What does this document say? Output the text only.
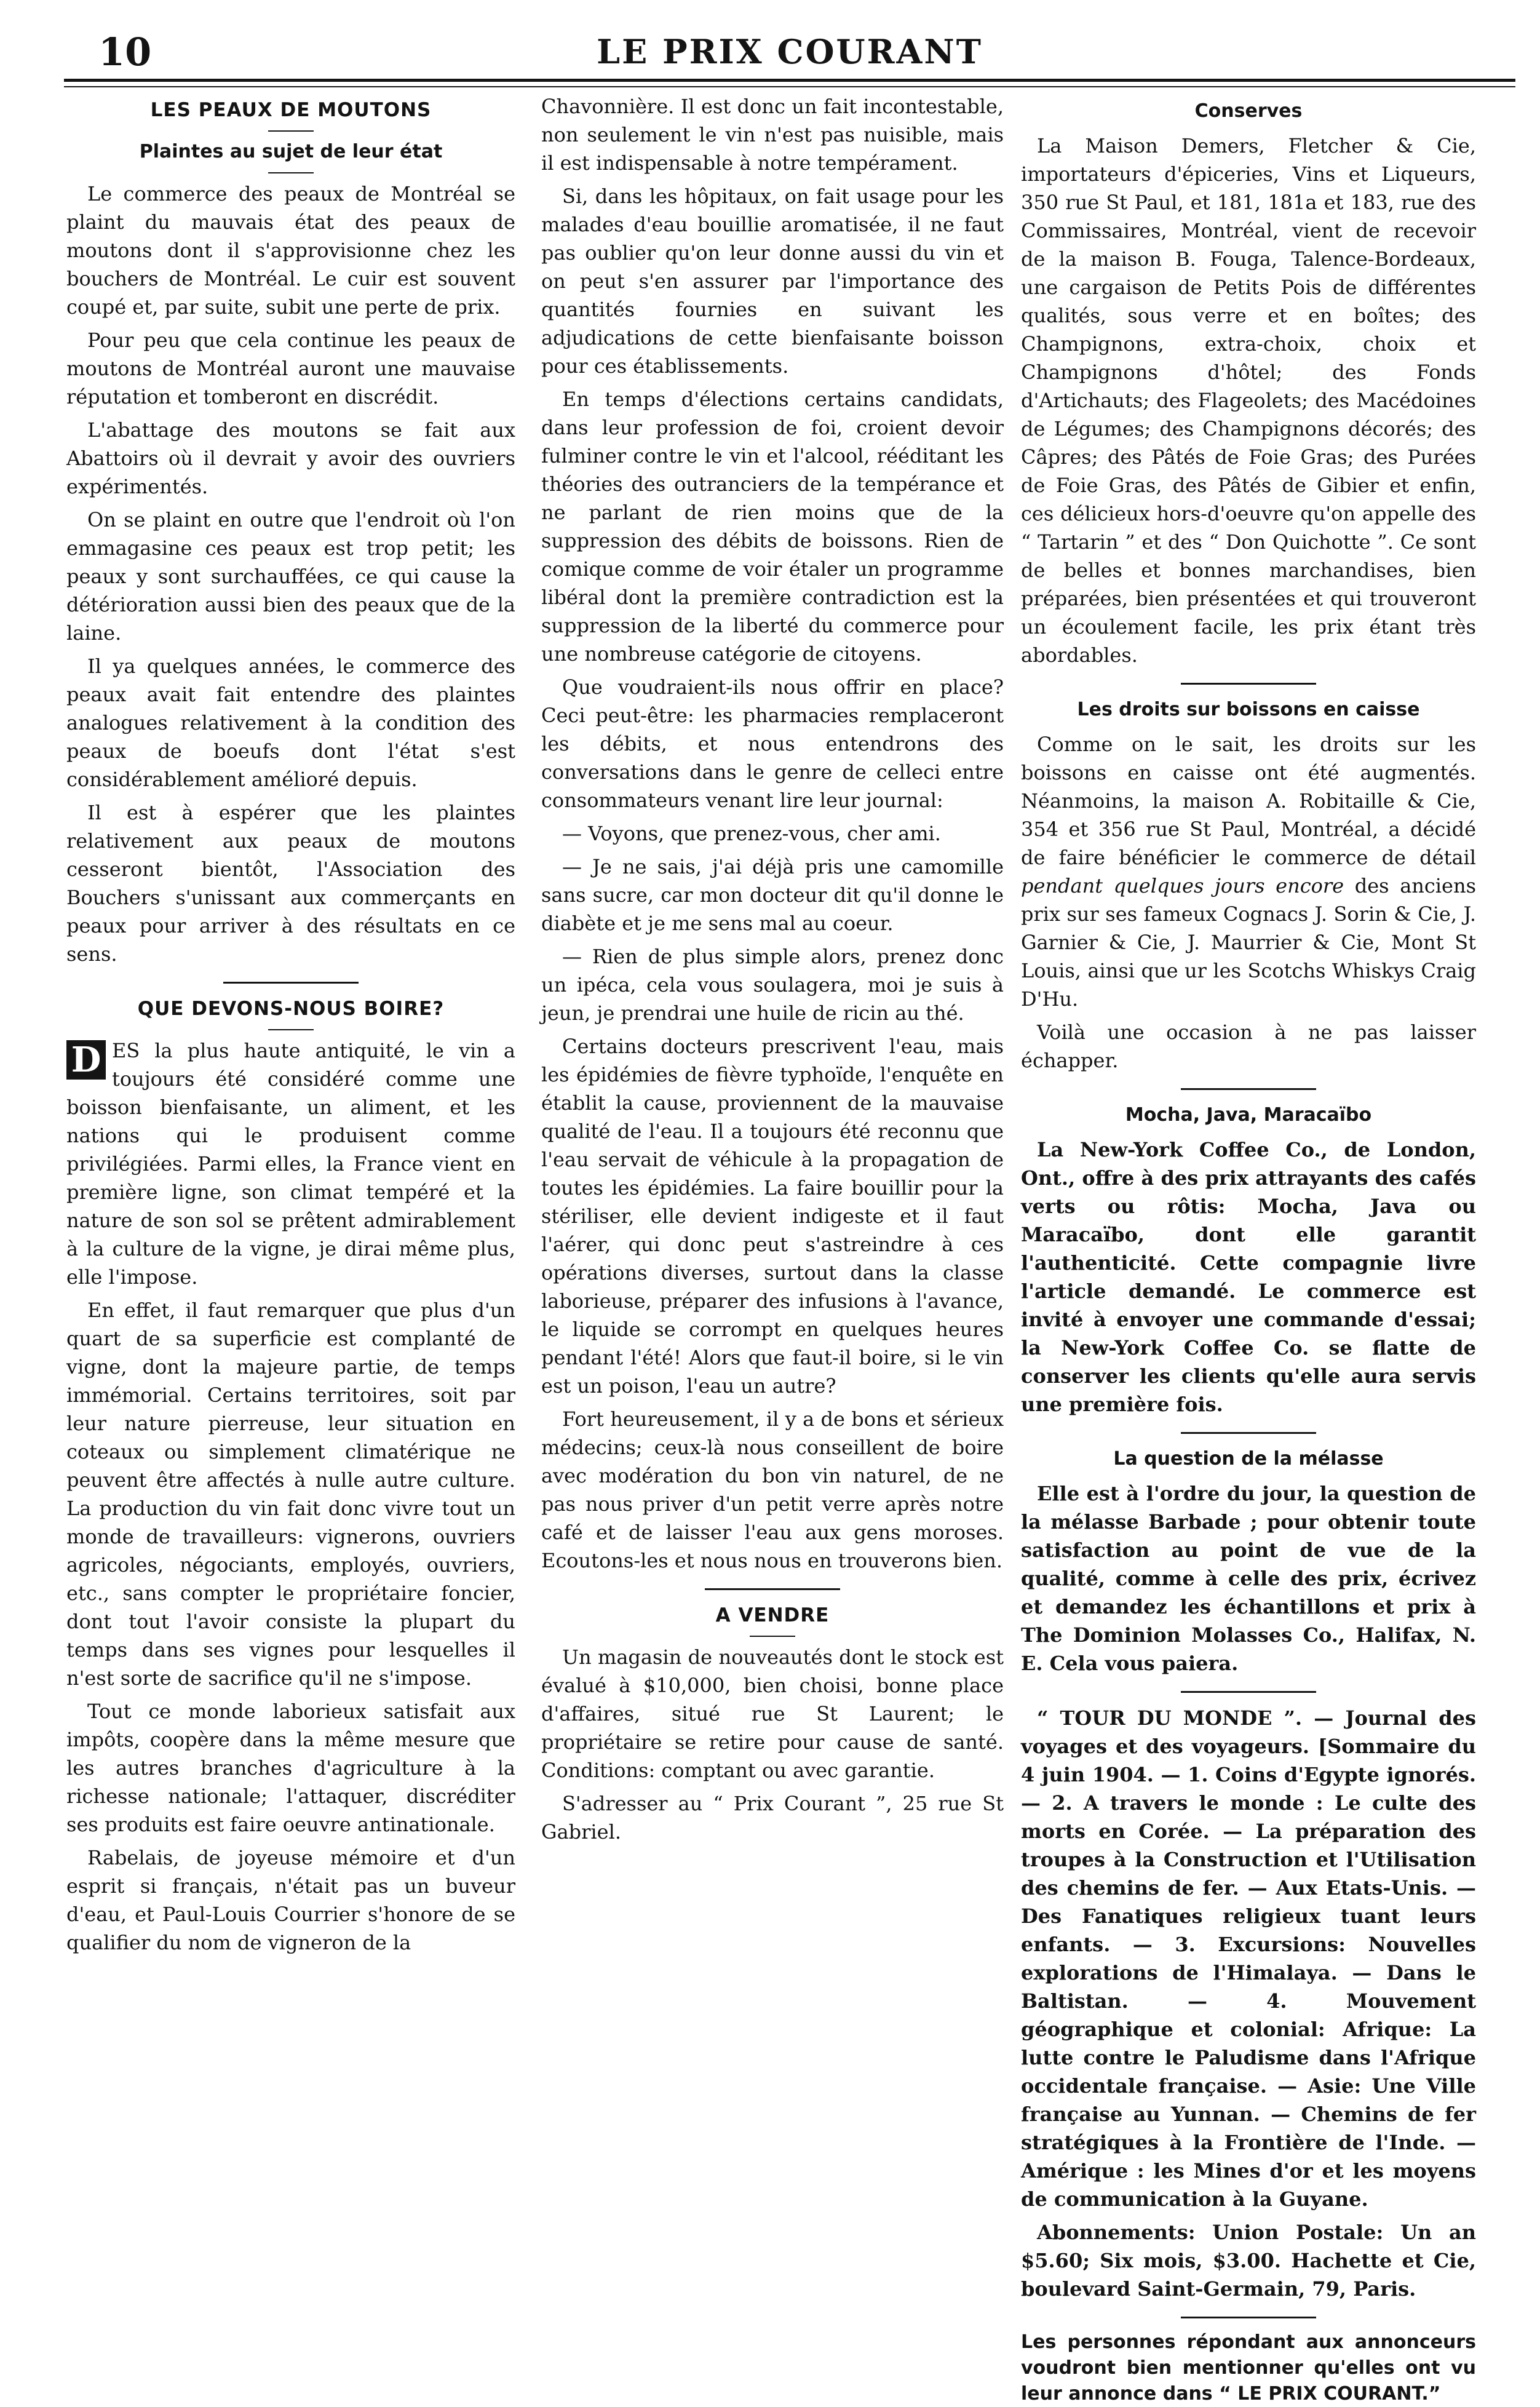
10	LE PRIX COURANT
LES PEAUX DE MOUTONS
Plaintes au sujet de leur état

Le commerce des peaux de Montréal se plaint du mauvais état des peaux de moutons dont il s'approvisionne chez les bouchers de Montréal. Le cuir est souvent coupé et, par suite, subit une perte de prix.

Pour peu que cela continue les peaux de moutons de Montréal auront une mauvaise réputation et tomberont en discrédit.

L'abattage des moutons se fait aux Abattoirs où il devrait y avoir des ouvriers expérimentés.

On se plaint en outre que l'endroit où l'on emmagasine ces peaux est trop petit; les peaux y sont surchauffées, ce qui cause la détérioration aussi bien des peaux que de la laine.

Il ya quelques années, le commerce des peaux avait fait entendre des plaintes analogues relativement à la condition des peaux de boeufs dont l'état s'est considérablement amélioré depuis.

Il est à espérer que les plaintes relativement aux peaux de moutons cesseront bientôt, l'Association des Bouchers s'unissant aux commerçants en peaux pour arriver à des résultats en ce sens.

QUE DEVONS-NOUS BOIRE?

D ES la plus haute antiquité, le vin a toujours été considéré comme une boisson bienfaisante, un aliment, et les nations qui le produisent comme privilégiées. Parmi elles, la France vient en première ligne, son climat tempéré et la nature de son sol se prêtent admirablement à la culture de la vigne, je dirai même plus, elle l'impose.

En effet, il faut remarquer que plus d'un quart de sa superficie est complanté de vigne, dont la majeure partie, de temps immémorial. Certains territoires, soit par leur nature pierreuse, leur situation en coteaux ou simplement climatérique ne peuvent être affectés à nulle autre culture. La production du vin fait donc vivre tout un monde de travailleurs: vignerons, ouvriers agricoles, négociants, employés, ouvriers, etc., sans compter le propriétaire foncier, dont tout l'avoir consiste la plupart du temps dans ses vignes pour lesquelles il n'est sorte de sacrifice qu'il ne s'impose.

Tout ce monde laborieux satisfait aux impôts, coopère dans la même mesure que les autres branches d'agriculture à la richesse nationale; l'attaquer, discréditer ses produits est faire oeuvre antinationale.

Rabelais, de joyeuse mémoire et d'un esprit si français, n'était pas un buveur d'eau, et Paul-Louis Courrier s'honore de se qualifier du nom de vigneron de la

Chavonnière. Il est donc un fait incontestable, non seulement le vin n'est pas nuisible, mais il est indispensable à notre tempérament.

Si, dans les hôpitaux, on fait usage pour les malades d'eau bouillie aromatisée, il ne faut pas oublier qu'on leur donne aussi du vin et on peut s'en assurer par l'importance des quantités fournies en suivant les adjudications de cette bienfaisante boisson pour ces établissements.

En temps d'élections certains candidats, dans leur profession de foi, croient devoir fulminer contre le vin et l'alcool, rééditant les théories des outranciers de la tempérance et ne parlant de rien moins que de la suppression des débits de boissons. Rien de comique comme de voir étaler un programme libéral dont la première contradiction est la suppression de la liberté du commerce pour une nombreuse catégorie de citoyens.

Que voudraient-ils nous offrir en place? Ceci peut-être: les pharmacies remplaceront les débits, et nous entendrons des conversations dans le genre de celleci entre consommateurs venant lire leur journal:

— Voyons, que prenez-vous, cher ami.

— Je ne sais, j'ai déjà pris une camomille sans sucre, car mon docteur dit qu'il donne le diabète et je me sens mal au coeur.

— Rien de plus simple alors, prenez donc un ipéca, cela vous soulagera, moi je suis à jeun, je prendrai une huile de ricin au thé.

Certains docteurs prescrivent l'eau, mais les épidémies de fièvre typhoïde, l'enquête en établit la cause, proviennent de la mauvaise qualité de l'eau. Il a toujours été reconnu que l'eau servait de véhicule à la propagation de toutes les épidémies. La faire bouillir pour la stériliser, elle devient indigeste et il faut l'aérer, qui donc peut s'astreindre à ces opérations diverses, surtout dans la classe laborieuse, préparer des infusions à l'avance, le liquide se corrompt en quelques heures pendant l'été! Alors que faut-il boire, si le vin est un poison, l'eau un autre?

Fort heureusement, il y a de bons et sérieux médecins; ceux-là nous conseillent de boire avec modération du bon vin naturel, de ne pas nous priver d'un petit verre après notre café et de laisser l'eau aux gens moroses. Ecoutons-les et nous nous en trouverons bien.

A VENDRE

Un magasin de nouveautés dont le stock est évalué à $10,000, bien choisi, bonne place d'affaires, situé rue St Laurent; le propriétaire se retire pour cause de santé. Conditions: comptant ou avec garantie.

S'adresser au “ Prix Courant ”, 25 rue St Gabriel.

Conserves

La Maison Demers, Fletcher & Cie, importateurs d'épiceries, Vins et Liqueurs, 350 rue St Paul, et 181, 181a et 183, rue des Commissaires, Montréal, vient de recevoir de la maison B. Fouga, Talence-Bordeaux, une cargaison de Petits Pois de différentes qualités, sous verre et en boîtes; des Champignons, extra-choix, choix et Champignons d'hôtel; des Fonds d'Artichauts; des Flageolets; des Macédoines de Légumes; des Champignons décorés; des Câpres; des Pâtés de Foie Gras; des Purées de Foie Gras, des Pâtés de Gibier et enfin, ces délicieux hors-d'oeuvre qu'on appelle des “ Tartarin ” et des “ Don Quichotte ”. Ce sont de belles et bonnes marchandises, bien préparées, bien présentées et qui trouveront un écoulement facile, les prix étant très abordables.

Les droits sur boissons en caisse

Comme on le sait, les droits sur les boissons en caisse ont été augmentés. Néanmoins, la maison A. Robitaille & Cie, 354 et 356 rue St Paul, Montréal, a décidé de faire bénéficier le commerce de détail pendant quelques jours encore des anciens prix sur ses fameux Cognacs J. Sorin & Cie, J. Garnier & Cie, J. Maurrier & Cie, Mont St Louis, ainsi que ur les Scotchs Whiskys Craig D'Hu.

Voilà une occasion à ne pas laisser échapper.

Mocha, Java, Maracaïbo

La New-York Coffee Co., de London, Ont., offre à des prix attrayants des cafés verts ou rôtis: Mocha, Java ou Maracaïbo, dont elle garantit l'authenticité. Cette compagnie livre l'article demandé. Le commerce est invité à envoyer une commande d'essai; la New-York Coffee Co. se flatte de conserver les clients qu'elle aura servis une première fois.

La question de la mélasse

Elle est à l'ordre du jour, la question de la mélasse Barbade ; pour obtenir toute satisfaction au point de vue de la qualité, comme à celle des prix, écrivez et demandez les échantillons et prix à The Dominion Molasses Co., Halifax, N. E. Cela vous paiera.

“ TOUR DU MONDE ”. — Journal des voyages et des voyageurs. [Sommaire du 4 juin 1904. — 1. Coins d'Egypte ignorés. — 2. A travers le monde : Le culte des morts en Corée. — La préparation des troupes à la Construction et l'Utilisation des chemins de fer. — Aux Etats-Unis. — Des Fanatiques religieux tuant leurs enfants. — 3. Excursions: Nouvelles explorations de l'Himalaya. — Dans le Baltistan. — 4. Mouvement géographique et colonial: Afrique: La lutte contre le Paludisme dans l'Afrique occidentale française. — Asie: Une Ville française au Yunnan. — Chemins de fer stratégiques à la Frontière de l'Inde. — Amérique : les Mines d'or et les moyens de communication à la Guyane.

Abonnements: Union Postale: Un an $5.60; Six mois, $3.00. Hachette et Cie, boulevard Saint-Germain, 79, Paris.

Les personnes répondant aux annonceurs voudront bien mentionner qu'elles ont vu leur annonce dans “ LE PRIX COURANT.”
